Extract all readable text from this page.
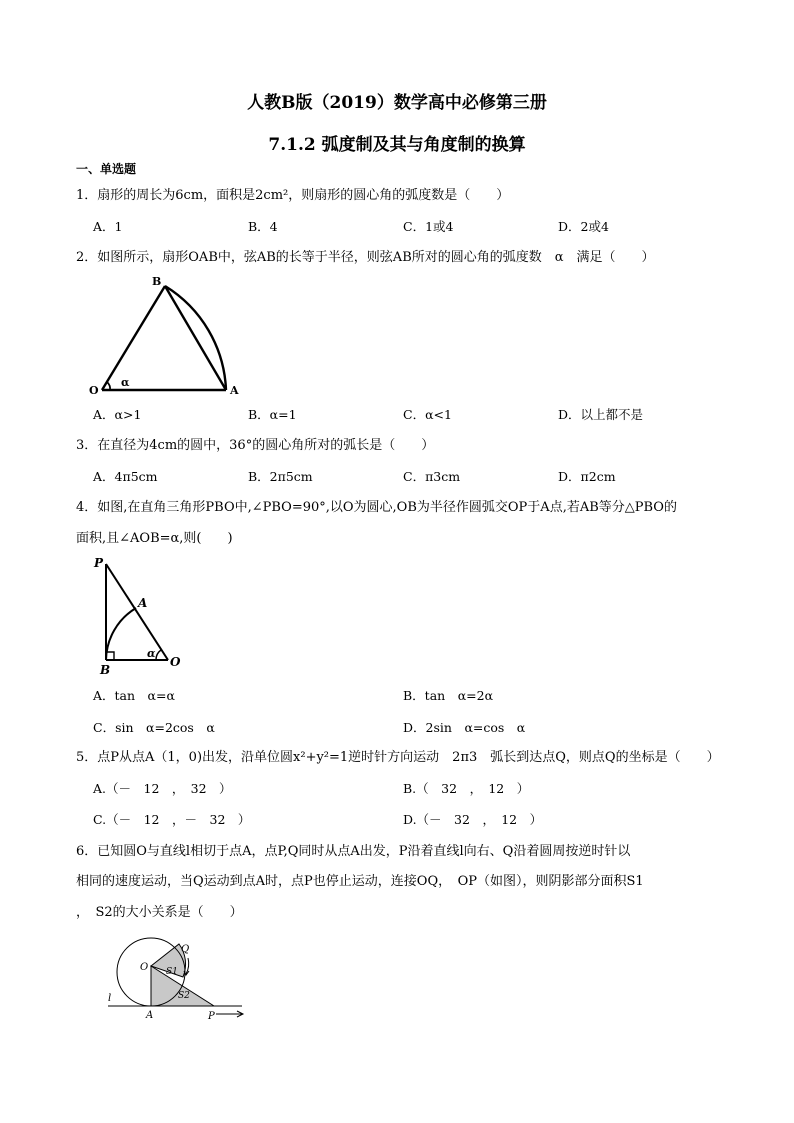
人教B版（2019）数学高中必修第三册
7.1.2 弧度制及其与角度制的换算
一、单选题
1．扇形的周长为6cm，面积是2cm²，则扇形的圆心角的弧度数是（　　）
A．1	B．4	C．1或4	D．2或4
2．如图所示，扇形OAB中，弦AB的长等于半径，则弦AB所对的圆心角的弧度数　α　满足（　　）
B
O	A
α
A．α>1	B．α=1	C．α<1	D．以上都不是
3．在直径为4cm的圆中，36°的圆心角所对的弧长是（　　）
A．4π5cm	B．2π5cm	C．π3cm	D．π2cm
4．如图,在直角三角形PBO中,∠PBO=90°,以O为圆心,OB为半径作圆弧交OP于A点,若AB等分△PBO的
面积,且∠AOB=α,则(　　)
P
A
B
O
α
A．tan　α=α	B．tan　α=2α
C．sin　α=2cos　α	D．2sin　α=cos　α
5．点P从点A（1，0)出发，沿单位圆x²+y²=1逆时针方向运动　2π3　弧长到达点Q，则点Q的坐标是（　　）
A.（－　12　，　32　）	B.（　32　，　12　）
C.（－　12　，－　32　）	D.（－　32　，　12　）
6．已知圆O与直线l相切于点A，点P,Q同时从点A出发，P沿着直线l向右、Q沿着圆周按逆时针以
相同的速度运动，当Q运动到点A时，点P也停止运动，连接OQ，　OP（如图），则阴影部分面积S1
，　S2的大小关系是（　　）
Q
O S1
S2
l
A	P
